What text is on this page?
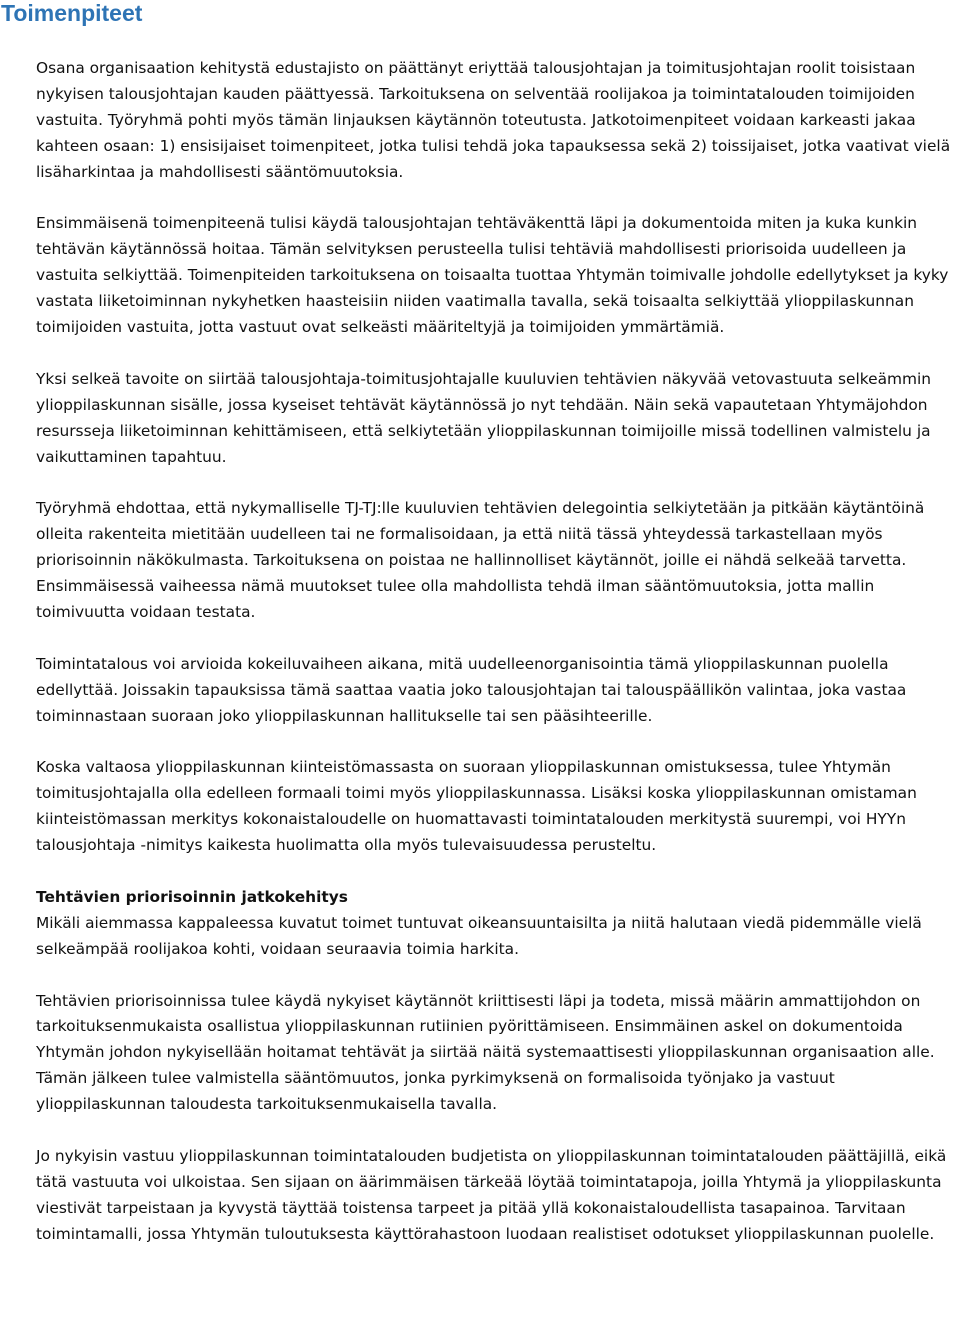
Toimenpiteet

Osana organisaation kehitystä edustajisto on päättänyt eriyttää talousjohtajan ja toimitusjohtajan roolit toisistaan nykyisen talousjohtajan kauden päättyessä. Tarkoituksena on selventää roolijakoa ja toimintatalouden toimijoiden vastuita. Työryhmä pohti myös tämän linjauksen käytännön toteutusta. Jatkotoimenpiteet voidaan karkeasti jakaa kahteen osaan: 1) ensisijaiset toimenpiteet, jotka tulisi tehdä joka tapauksessa sekä 2) toissijaiset, jotka vaativat vielä lisäharkintaa ja mahdollisesti sääntömuutoksia.

Ensimmäisenä toimenpiteenä tulisi käydä talousjohtajan tehtäväkenttä läpi ja dokumentoida miten ja kuka kunkin tehtävän käytännössä hoitaa. Tämän selvityksen perusteella tulisi tehtäviä mahdollisesti priorisoida uudelleen ja vastuita selkiyttää. Toimenpiteiden tarkoituksena on toisaalta tuottaa Yhtymän toimivalle johdolle edellytykset ja kyky vastata liiketoiminnan nykyhetken haasteisiin niiden vaatimalla tavalla, sekä toisaalta selkiyttää ylioppilaskunnan toimijoiden vastuita, jotta vastuut ovat selkeästi määriteltyjä ja toimijoiden ymmärtämiä.

Yksi selkeä tavoite on siirtää talousjohtaja-toimitusjohtajalle kuuluvien tehtävien näkyvää vetovastuuta selkeämmin ylioppilaskunnan sisälle, jossa kyseiset tehtävät käytännössä jo nyt tehdään. Näin sekä vapautetaan Yhtymäjohdon resursseja liiketoiminnan kehittämiseen, että selkiytetään ylioppilaskunnan toimijoille missä todellinen valmistelu ja vaikuttaminen tapahtuu.

Työryhmä ehdottaa, että nykymalliselle TJ-TJ:lle kuuluvien tehtävien delegointia selkiytetään ja pitkään käytäntöinä olleita rakenteita mietitään uudelleen tai ne formalisoidaan, ja että niitä tässä yhteydessä tarkastellaan myös priorisoinnin näkökulmasta. Tarkoituksena on poistaa ne hallinnolliset käytännöt, joille ei nähdä selkeää tarvetta. Ensimmäisessä vaiheessa nämä muutokset tulee olla mahdollista tehdä ilman sääntömuutoksia, jotta mallin toimivuutta voidaan testata.

Toimintatalous voi arvioida kokeiluvaiheen aikana, mitä uudelleenorganisointia tämä ylioppilaskunnan puolella edellyttää. Joissakin tapauksissa tämä saattaa vaatia joko talousjohtajan tai talouspäällikön valintaa, joka vastaa toiminnastaan suoraan joko ylioppilaskunnan hallitukselle tai sen pääsihteerille.

Koska valtaosa ylioppilaskunnan kiinteistömassasta on suoraan ylioppilaskunnan omistuksessa, tulee Yhtymän toimitusjohtajalla olla edelleen formaali toimi myös ylioppilaskunnassa. Lisäksi koska ylioppilaskunnan omistaman kiinteistömassan merkitys kokonaistaloudelle on huomattavasti toimintatalouden merkitystä suurempi, voi HYYn talousjohtaja -nimitys kaikesta huolimatta olla myös tulevaisuudessa perusteltu.

Tehtävien priorisoinnin jatkokehitys
Mikäli aiemmassa kappaleessa kuvatut toimet tuntuvat oikeansuuntaisilta ja niitä halutaan viedä pidemmälle vielä selkeämpää roolijakoa kohti, voidaan seuraavia toimia harkita.

Tehtävien priorisoinnissa tulee käydä nykyiset käytännöt kriittisesti läpi ja todeta, missä määrin ammattijohdon on tarkoituksenmukaista osallistua ylioppilaskunnan rutiinien pyörittämiseen. Ensimmäinen askel on dokumentoida Yhtymän johdon nykyisellään hoitamat tehtävät ja siirtää näitä systemaattisesti ylioppilaskunnan organisaation alle. Tämän jälkeen tulee valmistella sääntömuutos, jonka pyrkimyksenä on formalisoida työnjako ja vastuut ylioppilaskunnan taloudesta tarkoituksenmukaisella tavalla.

Jo nykyisin vastuu ylioppilaskunnan toimintatalouden budjetista on ylioppilaskunnan toimintatalouden päättäjillä, eikä tätä vastuuta voi ulkoistaa. Sen sijaan on äärimmäisen tärkeää löytää toimintatapoja, joilla Yhtymä ja ylioppilaskunta viestivät tarpeistaan ja kyvystä täyttää toistensa tarpeet ja pitää yllä kokonaistaloudellista tasapainoa. Tarvitaan toimintamalli, jossa Yhtymän tuloutuksesta käyttörahastoon luodaan realistiset odotukset ylioppilaskunnan puolelle.
